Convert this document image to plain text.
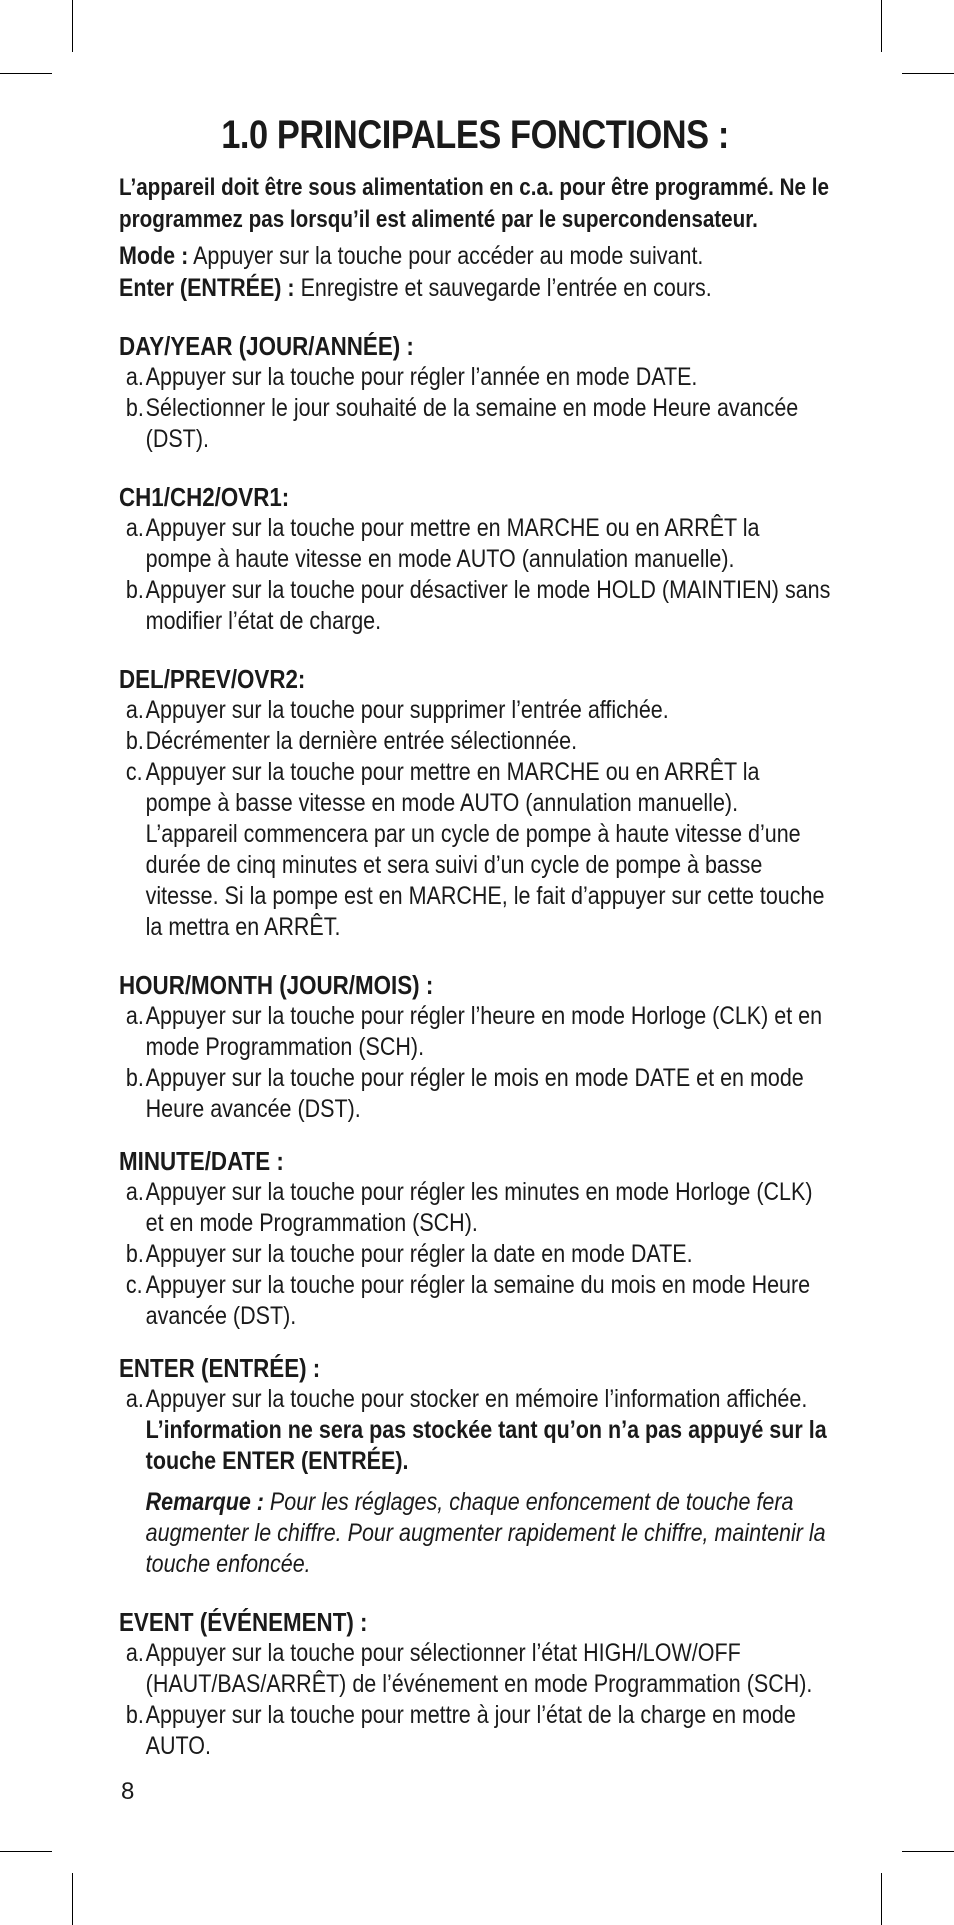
1.0 PRINCIPALES FONCTIONS :

L’appareil doit être sous alimentation en c.a. pour être programmé. Ne le programmez pas lorsqu’il est alimenté par le supercondensateur.

Mode : Appuyer sur la touche pour accéder au mode suivant.
Enter (ENTRÉE) : Enregistre et sauvegarde l’entrée en cours.
DAY/YEAR (JOUR/ANNÉE) :
a. Appuyer sur la touche pour régler l’année en mode DATE.
b. Sélectionner le jour souhaité de la semaine en mode Heure avancée (DST).
CH1/CH2/OVR1:
a. Appuyer sur la touche pour mettre en MARCHE ou en ARRÊT la pompe à haute vitesse en mode AUTO (annulation manuelle).
b. Appuyer sur la touche pour désactiver le mode HOLD (MAINTIEN) sans modifier l’état de charge.
DEL/PREV/OVR2:
a. Appuyer sur la touche pour supprimer l’entrée affichée.
b. Décrémenter la dernière entrée sélectionnée.
c. Appuyer sur la touche pour mettre en MARCHE ou en ARRÊT la pompe à basse vitesse en mode AUTO (annulation manuelle). L’appareil commencera par un cycle de pompe à haute vitesse d’une durée de cinq minutes et sera suivi d’un cycle de pompe à basse vitesse. Si la pompe est en MARCHE, le fait d’appuyer sur cette touche la mettra en ARRÊT.
HOUR/MONTH (JOUR/MOIS) :
a. Appuyer sur la touche pour régler l’heure en mode Horloge (CLK) et en mode Programmation (SCH).
b. Appuyer sur la touche pour régler le mois en mode DATE et en mode Heure avancée (DST).
MINUTE/DATE :
a. Appuyer sur la touche pour régler les minutes en mode Horloge (CLK) et en mode Programmation (SCH).
b. Appuyer sur la touche pour régler la date en mode DATE.
c. Appuyer sur la touche pour régler la semaine du mois en mode Heure avancée (DST).
ENTER (ENTRÉE) :
a. Appuyer sur la touche pour stocker en mémoire l’information affichée.
L’information ne sera pas stockée tant qu’on n’a pas appuyé sur la touche ENTER (ENTRÉE).
Remarque : Pour les réglages, chaque enfoncement de touche fera augmenter le chiffre. Pour augmenter rapidement le chiffre, maintenir la touche enfoncée.
EVENT (ÉVÉNEMENT) :
a. Appuyer sur la touche pour sélectionner l’état HIGH/LOW/OFF (HAUT/BAS/ARRÊT) de l’événement en mode Programmation (SCH).
b. Appuyer sur la touche pour mettre à jour l’état de la charge en mode AUTO.
8
